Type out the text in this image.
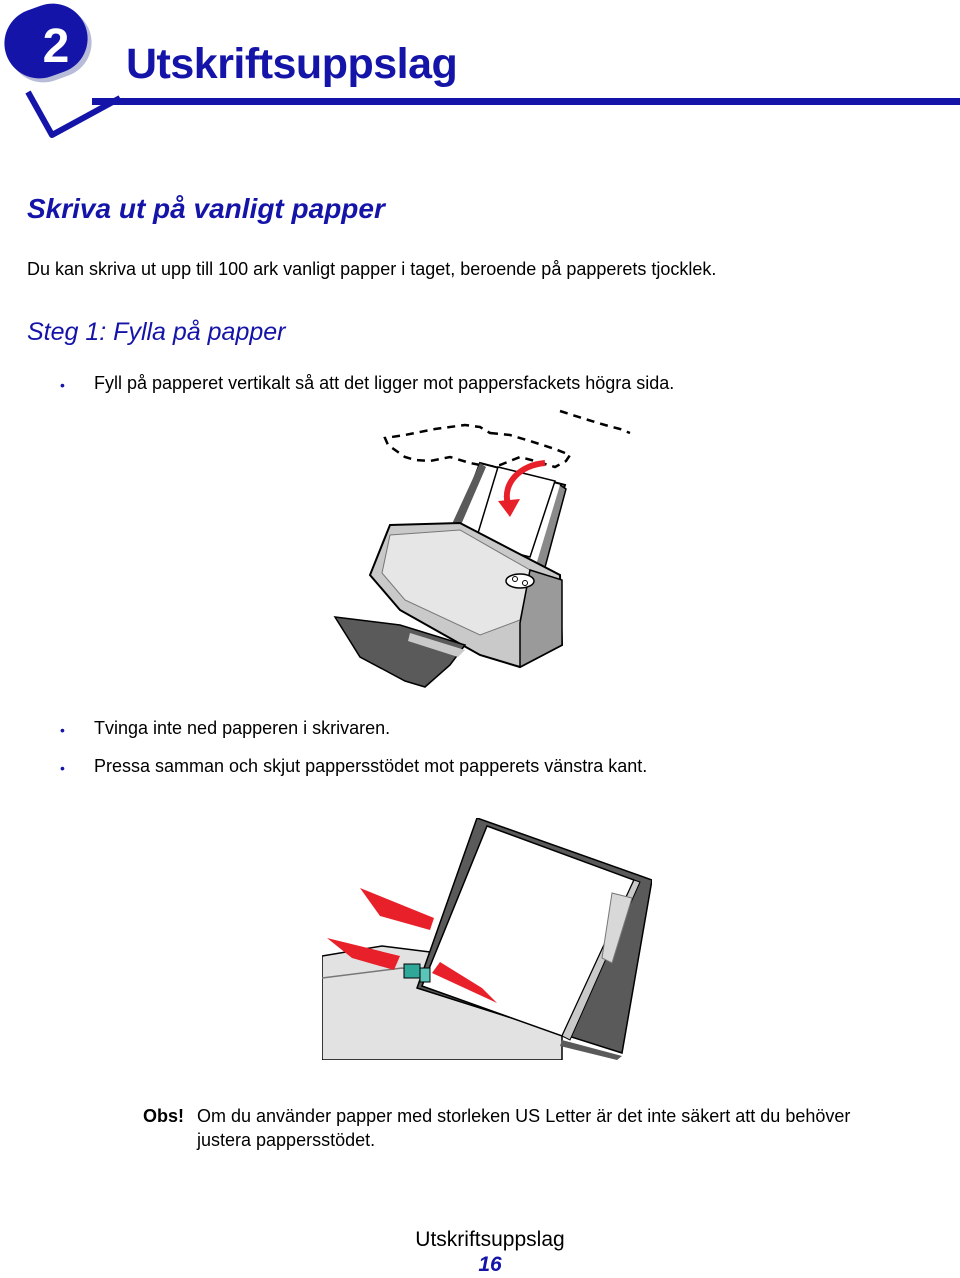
2 Utskriftsuppslag
Skriva ut på vanligt papper
Du kan skriva ut upp till 100 ark vanligt papper i taget, beroende på papperets tjocklek.
Steg 1: Fylla på papper
• Fyll på papperet vertikalt så att det ligger mot pappersfackets högra sida.
• Tvinga inte ned papperen i skrivaren.
• Pressa samman och skjut pappersstödet mot papperets vänstra kant.
Obs! Om du använder papper med storleken US Letter är det inte säkert att du behöver
justera pappersstödet.
Utskriftsuppslag
16
